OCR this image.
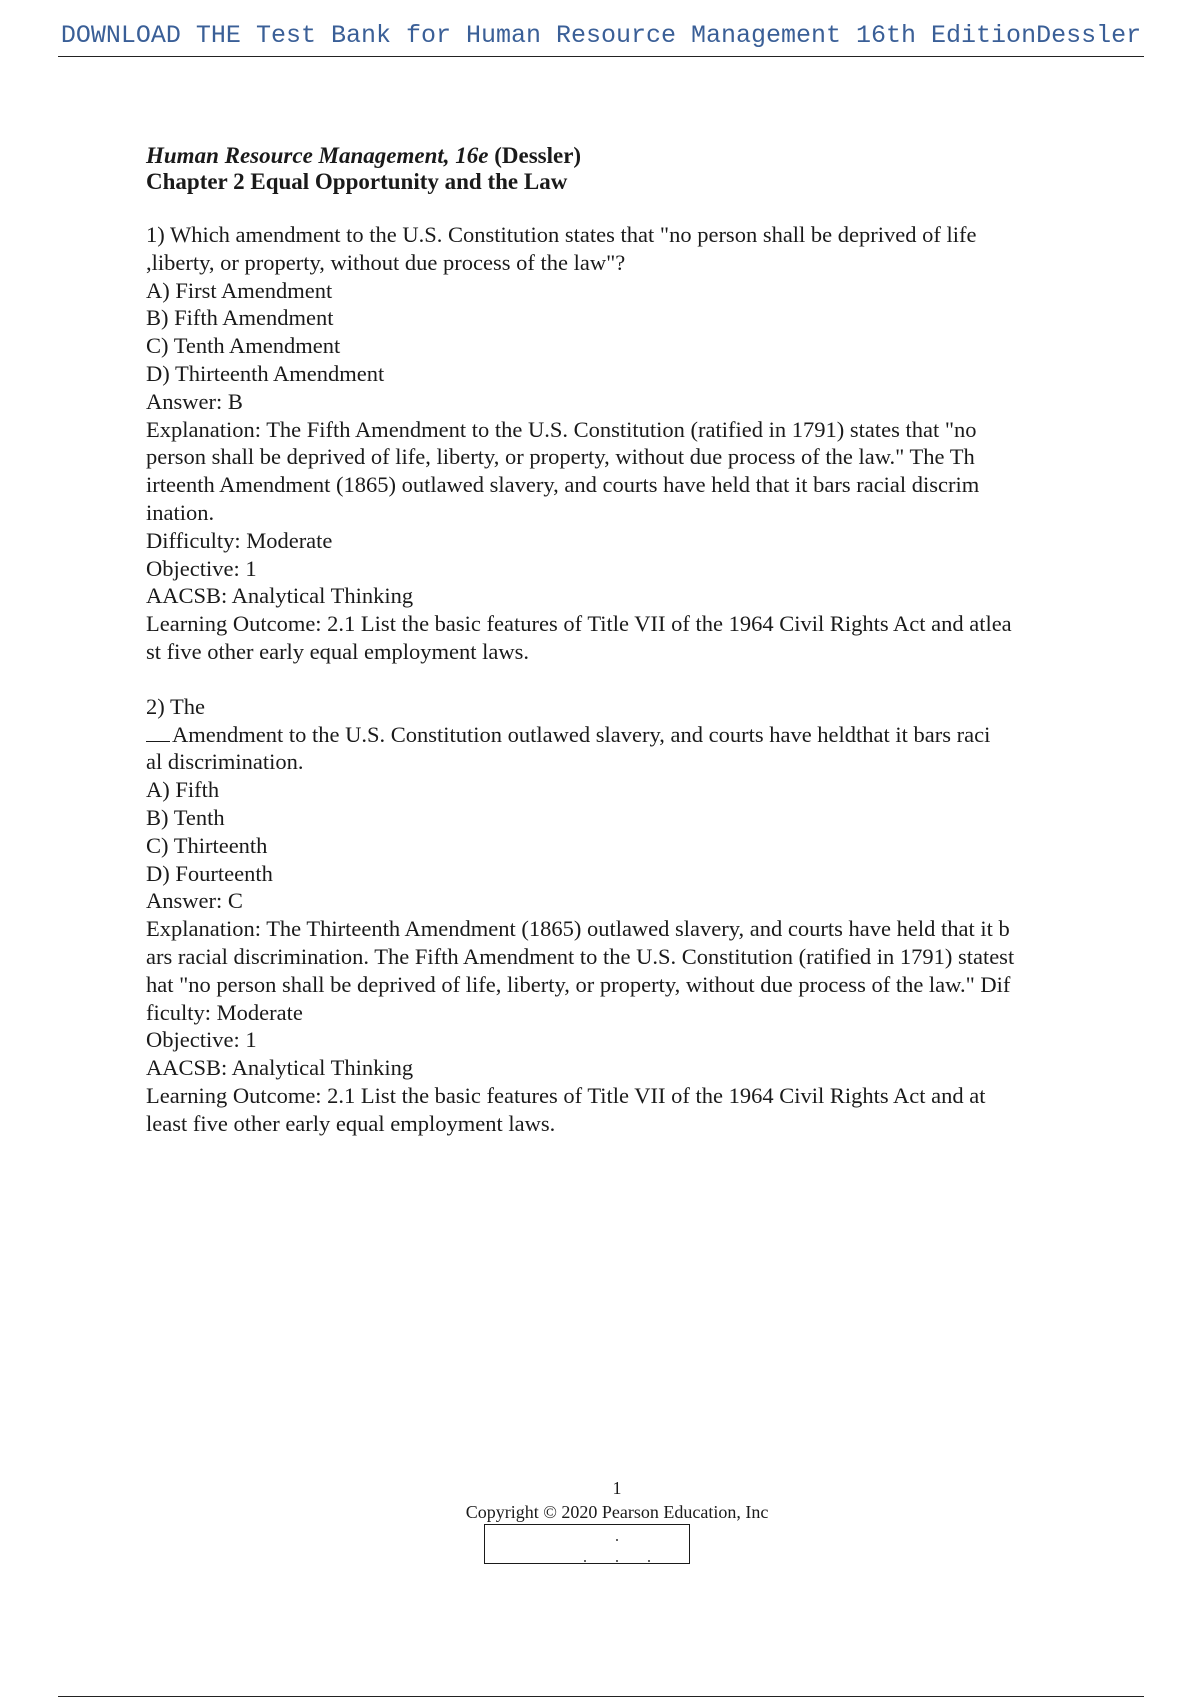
DOWNLOAD THE Test Bank for Human Resource Management 16th EditionDessler
Human Resource Management, 16e (Dessler)
Chapter 2 Equal Opportunity and the Law
1) Which amendment to the U.S. Constitution states that "no person shall be deprived of life
,liberty, or property, without due process of the law"?
A) First Amendment
B) Fifth Amendment
C) Tenth Amendment
D) Thirteenth Amendment
Answer: B
Explanation: The Fifth Amendment to the U.S. Constitution (ratified in 1791) states that "no
person shall be deprived of life, liberty, or property, without due process of the law." The Th
irteenth Amendment (1865) outlawed slavery, and courts have held that it bars racial discrim
ination.
Difficulty: Moderate
Objective: 1
AACSB: Analytical Thinking
Learning Outcome: 2.1 List the basic features of Title VII of the 1964 Civil Rights Act and atlea
st five other early equal employment laws.
2) The
Amendment to the U.S. Constitution outlawed slavery, and courts have heldthat it bars raci
al discrimination.
A) Fifth
B) Tenth
C) Thirteenth
D) Fourteenth
Answer: C
Explanation: The Thirteenth Amendment (1865) outlawed slavery, and courts have held that it b
ars racial discrimination. The Fifth Amendment to the U.S. Constitution (ratified in 1791) statest
hat "no person shall be deprived of life, liberty, or property, without due process of the law." Dif
ficulty: Moderate
Objective: 1
AACSB: Analytical Thinking
Learning Outcome: 2.1 List the basic features of Title VII of the 1964 Civil Rights Act and at
least five other early equal employment laws.
1
Copyright © 2020 Pearson Education, Inc
